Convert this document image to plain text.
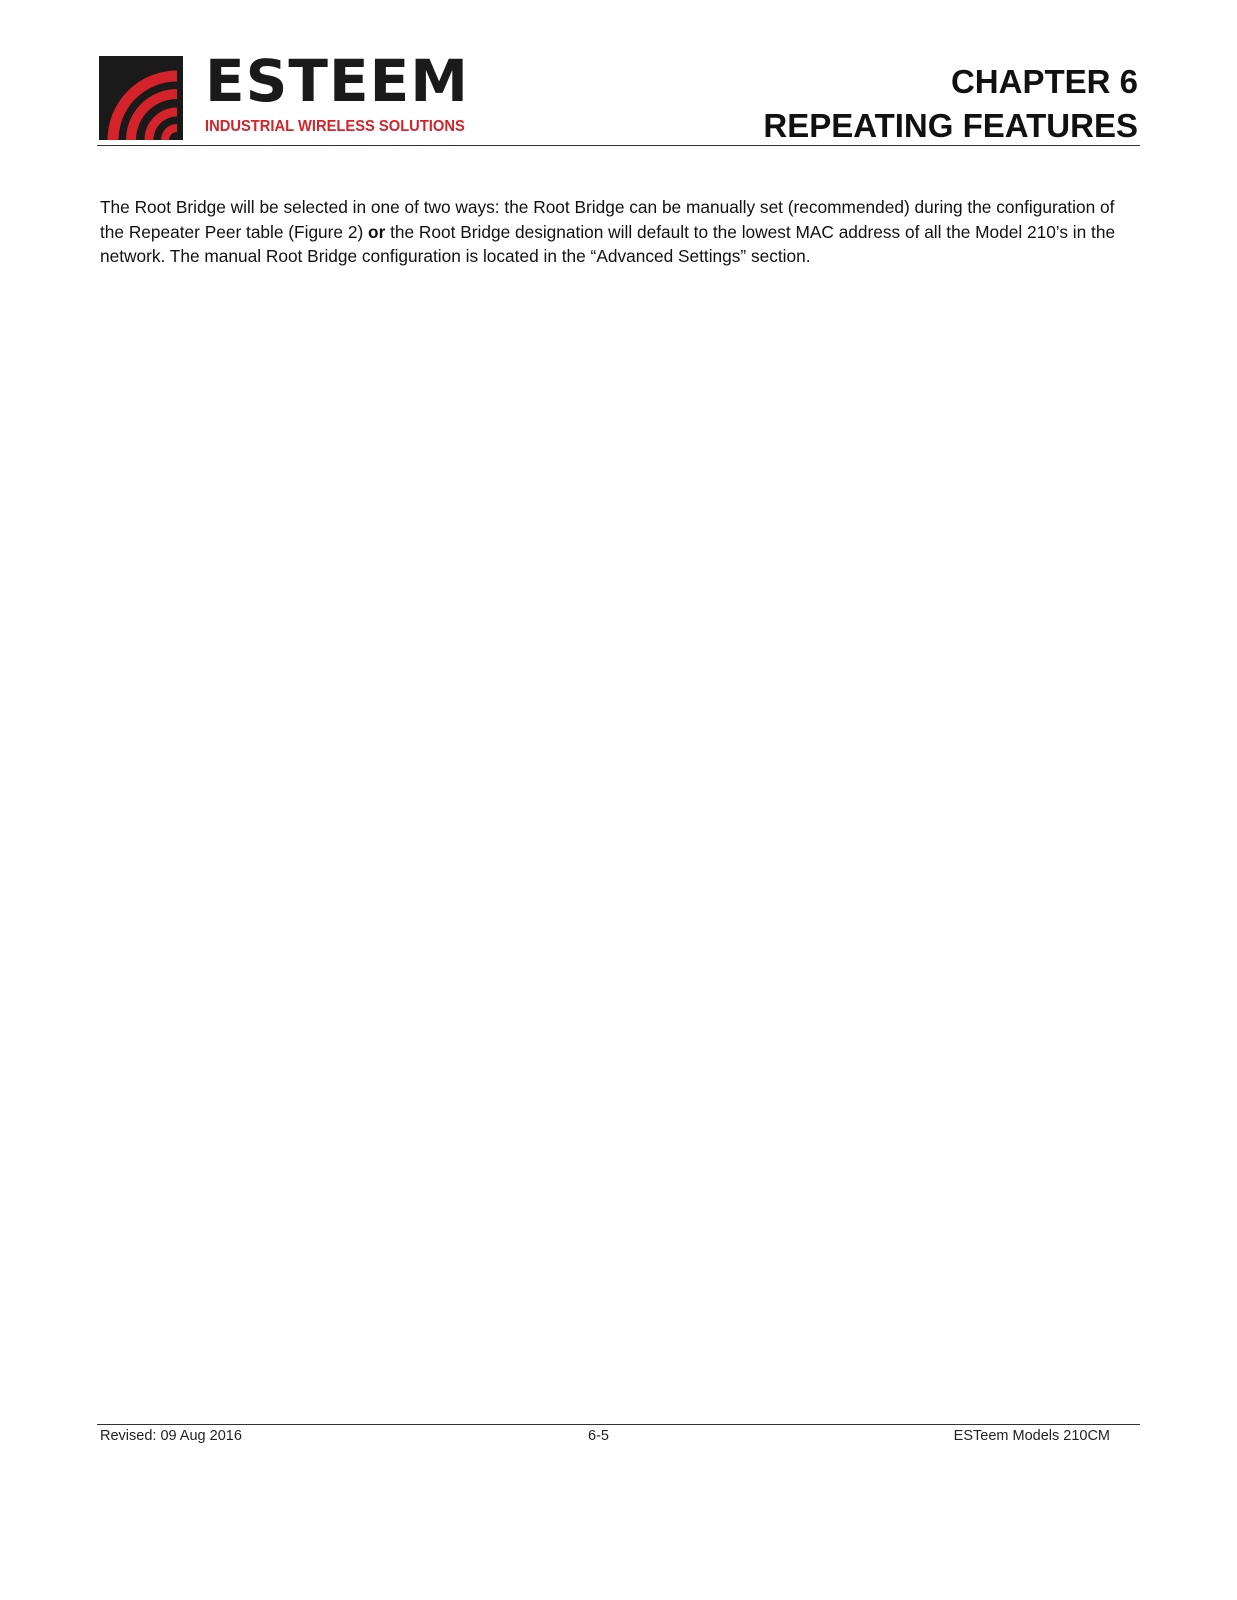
ESTEEM
INDUSTRIAL WIRELESS SOLUTIONS
CHAPTER 6
REPEATING FEATURES

The Root Bridge will be selected in one of two ways: the Root Bridge can be manually set (recommended) during the configuration of the Repeater Peer table (Figure 2) or the Root Bridge designation will default to the lowest MAC address of all the Model 210’s in the network. The manual Root Bridge configuration is located in the “Advanced Settings” section.

Revised: 09 Aug 2016	6-5	ESTeem Models 210CM
